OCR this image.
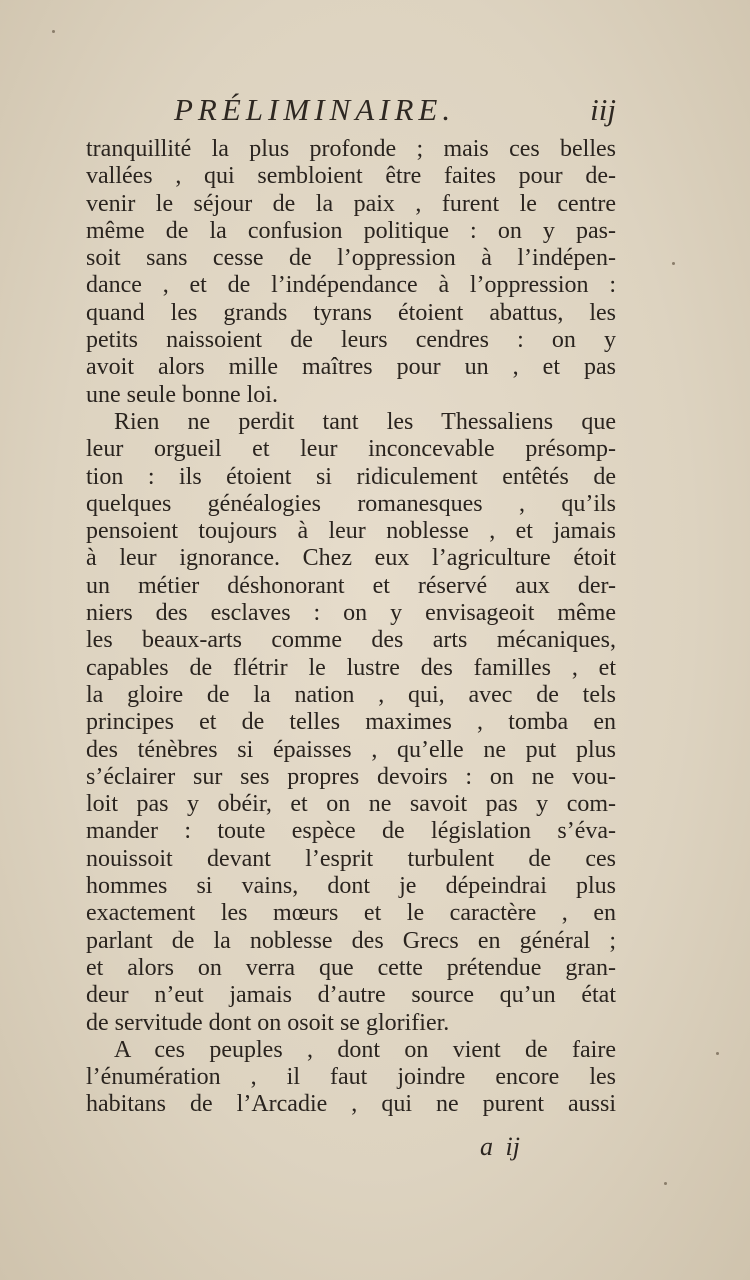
PRÉLIMINAIRE.	iij
tranquillité la plus profonde ; mais ces belles
vallées , qui sembloient être faites pour de-
venir le séjour de la paix , furent le centre
même de la confusion politique : on y pas-
soit sans cesse de l’oppression à l’indépen-
dance , et de l’indépendance à l’oppression :
quand les grands tyrans étoient abattus, les
petits naissoient de leurs cendres : on y
avoit alors mille maîtres pour un , et pas
une seule bonne loi.
Rien ne perdit tant les Thessaliens que
leur orgueil et leur inconcevable présomp-
tion : ils étoient si ridiculement entêtés de
quelques généalogies romanesques , qu’ils
pensoient toujours à leur noblesse , et jamais
à leur ignorance. Chez eux l’agriculture étoit
un métier déshonorant et réservé aux der-
niers des esclaves : on y envisageoit même
les beaux-arts comme des arts mécaniques,
capables de flétrir le lustre des familles , et
la gloire de la nation , qui, avec de tels
principes et de telles maximes , tomba en
des ténèbres si épaisses , qu’elle ne put plus
s’éclairer sur ses propres devoirs : on ne vou-
loit pas y obéir, et on ne savoit pas y com-
mander : toute espèce de législation s’éva-
nouissoit devant l’esprit turbulent de ces
hommes si vains, dont je dépeindrai plus
exactement les mœurs et le caractère , en
parlant de la noblesse des Grecs en général ;
et alors on verra que cette prétendue gran-
deur n’eut jamais d’autre source qu’un état
de servitude dont on osoit se glorifier.
A ces peuples , dont on vient de faire
l’énumération , il faut joindre encore les
habitans de l’Arcadie , qui ne purent aussi
a ij
